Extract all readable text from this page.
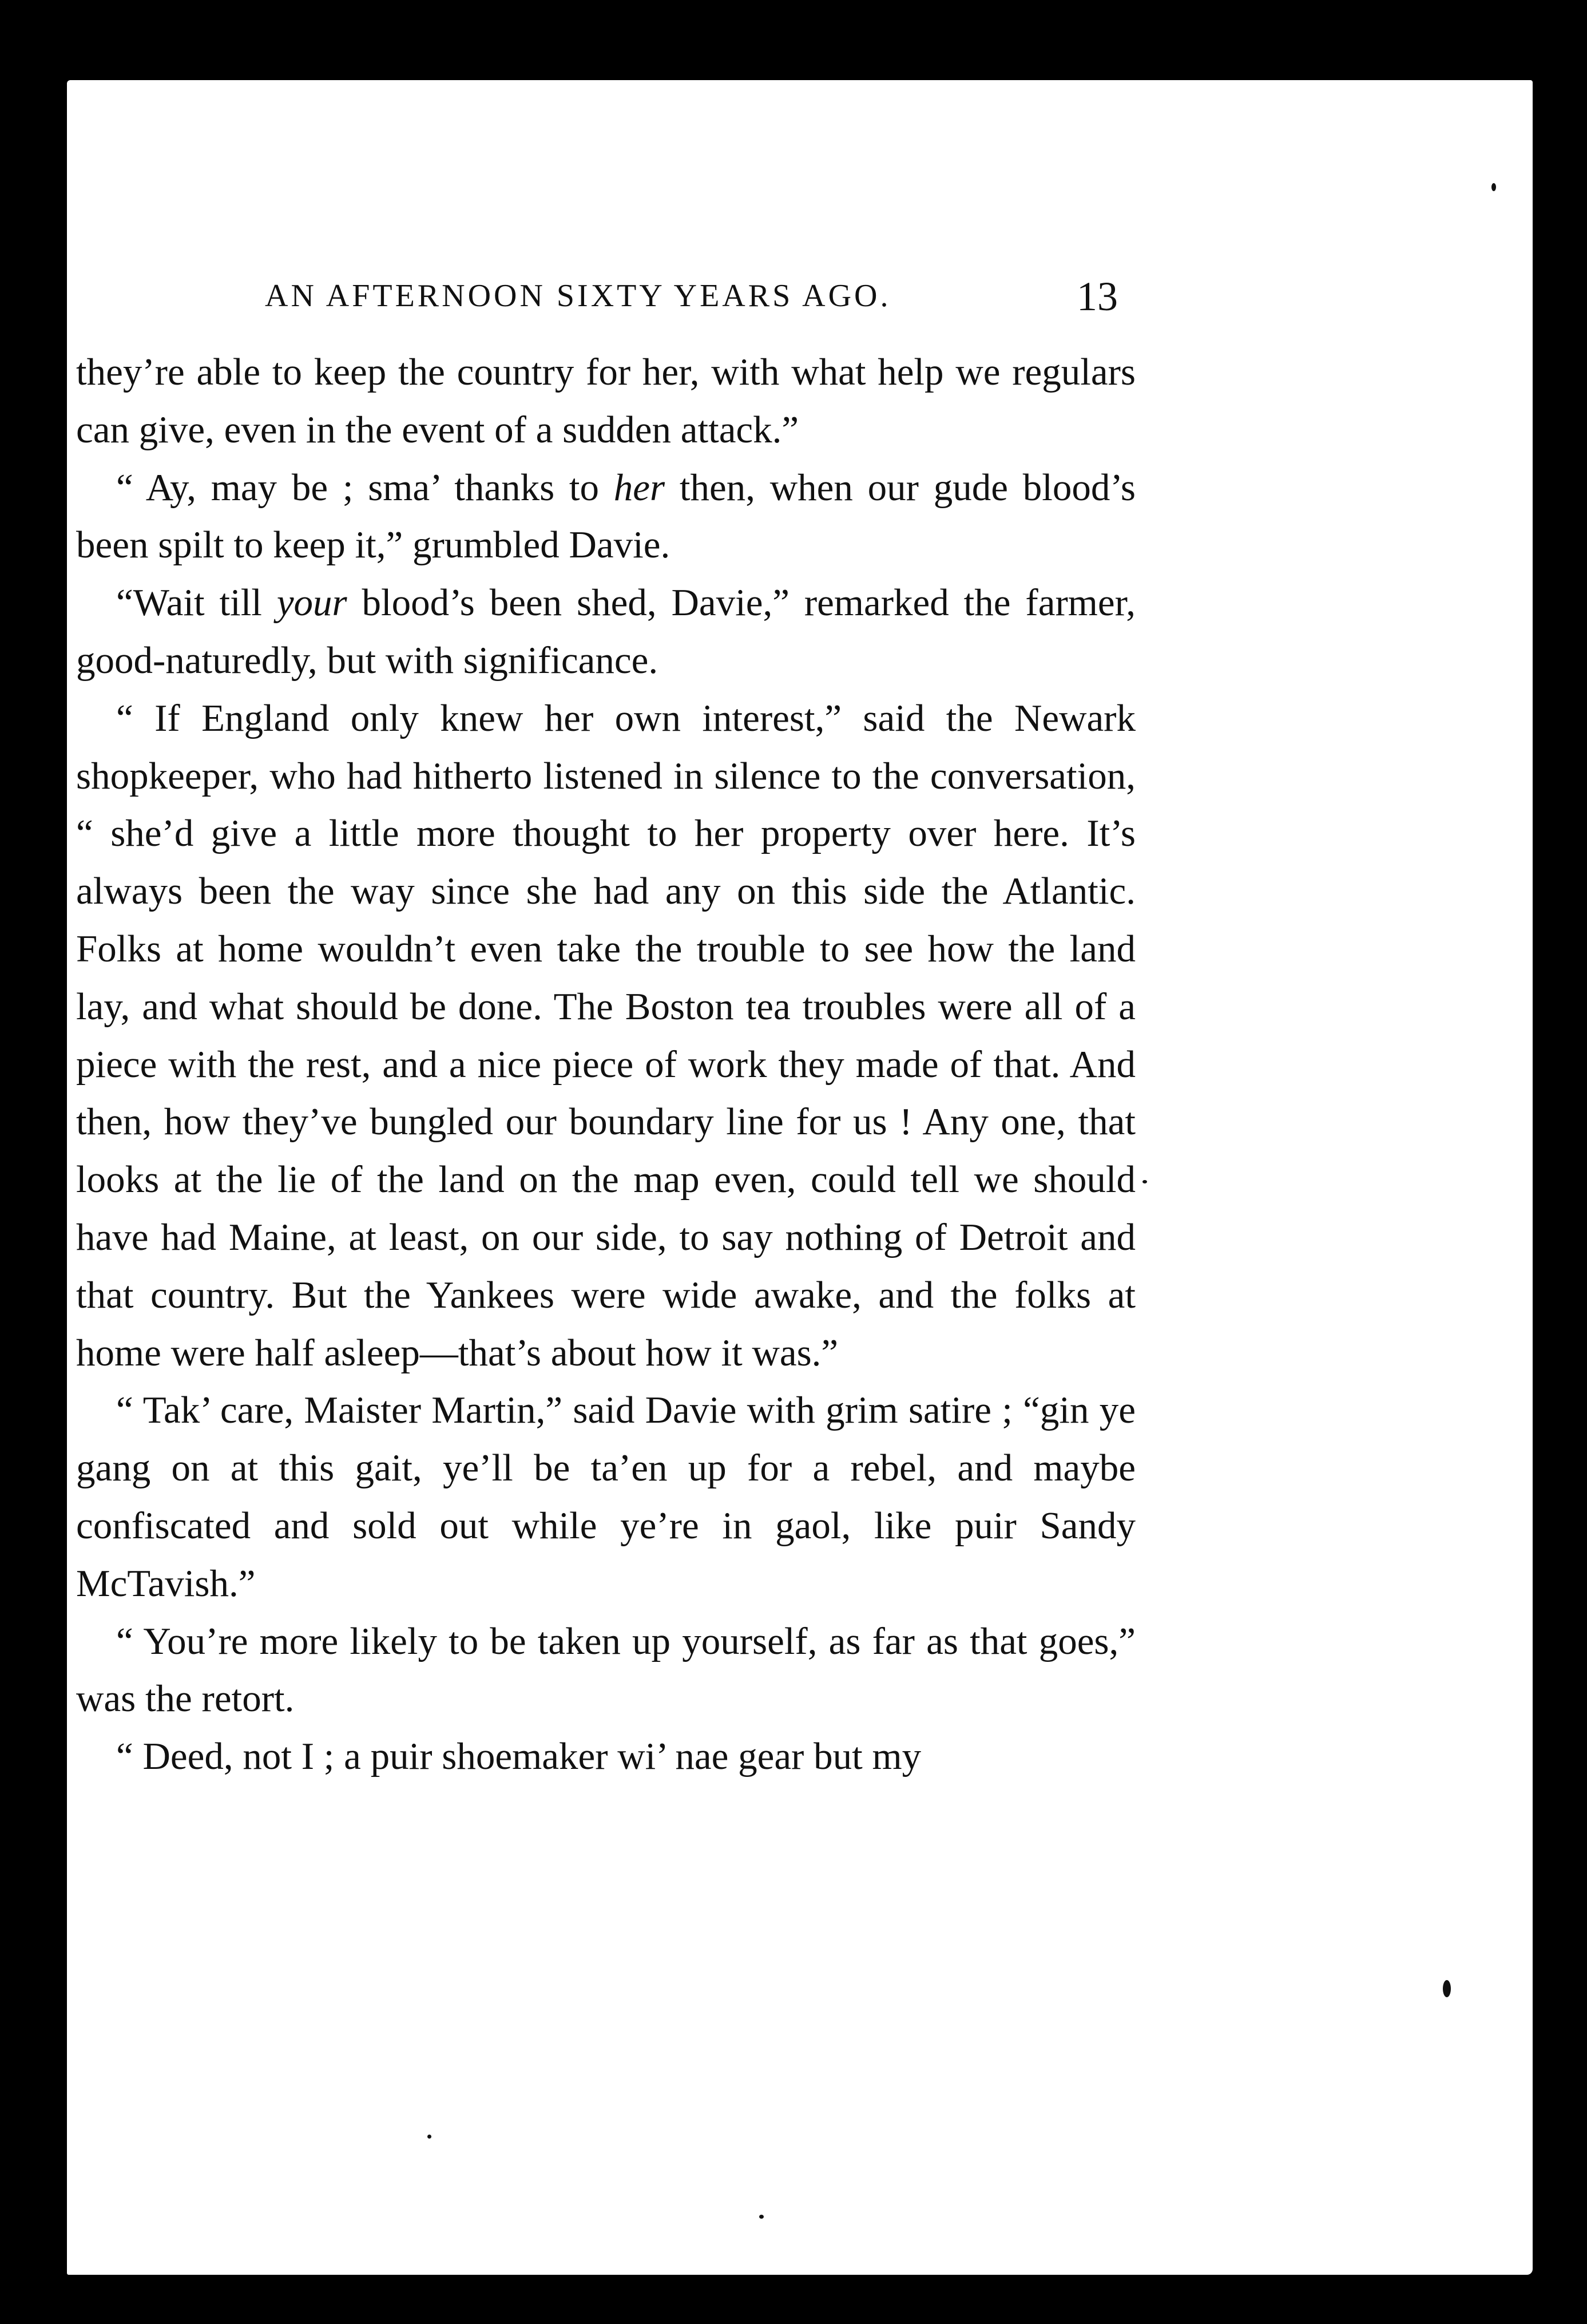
AN AFTERNOON SIXTY YEARS AGO.	13

they’re able to keep the country for her, with what help we regulars can give, even in the event of a sudden attack.”

“ Ay, may be ; sma’ thanks to her then, when our gude blood’s been spilt to keep it,” grumbled Davie.

“Wait till your blood’s been shed, Davie,” remarked the farmer, good-naturedly, but with significance.

“ If England only knew her own interest,” said the Newark shopkeeper, who had hitherto listened in silence to the conversation, “ she’d give a little more thought to her property over here. It’s always been the way since she had any on this side the Atlantic. Folks at home wouldn’t even take the trouble to see how the land lay, and what should be done. The Boston tea troubles were all of a piece with the rest, and a nice piece of work they made of that. And then, how they’ve bungled our boundary line for us ! Any one, that looks at the lie of the land on the map even, could tell we should have had Maine, at least, on our side, to say nothing of Detroit and that country. But the Yankees were wide awake, and the folks at home were half asleep—that’s about how it was.”

“ Tak’ care, Maister Martin,” said Davie with grim satire ; “gin ye gang on at this gait, ye’ll be ta’en up for a rebel, and maybe confiscated and sold out while ye’re in gaol, like puir Sandy McTavish.”

“ You’re more likely to be taken up yourself, as far as that goes,” was the retort.

“ Deed, not I ; a puir shoemaker wi’ nae gear but my
